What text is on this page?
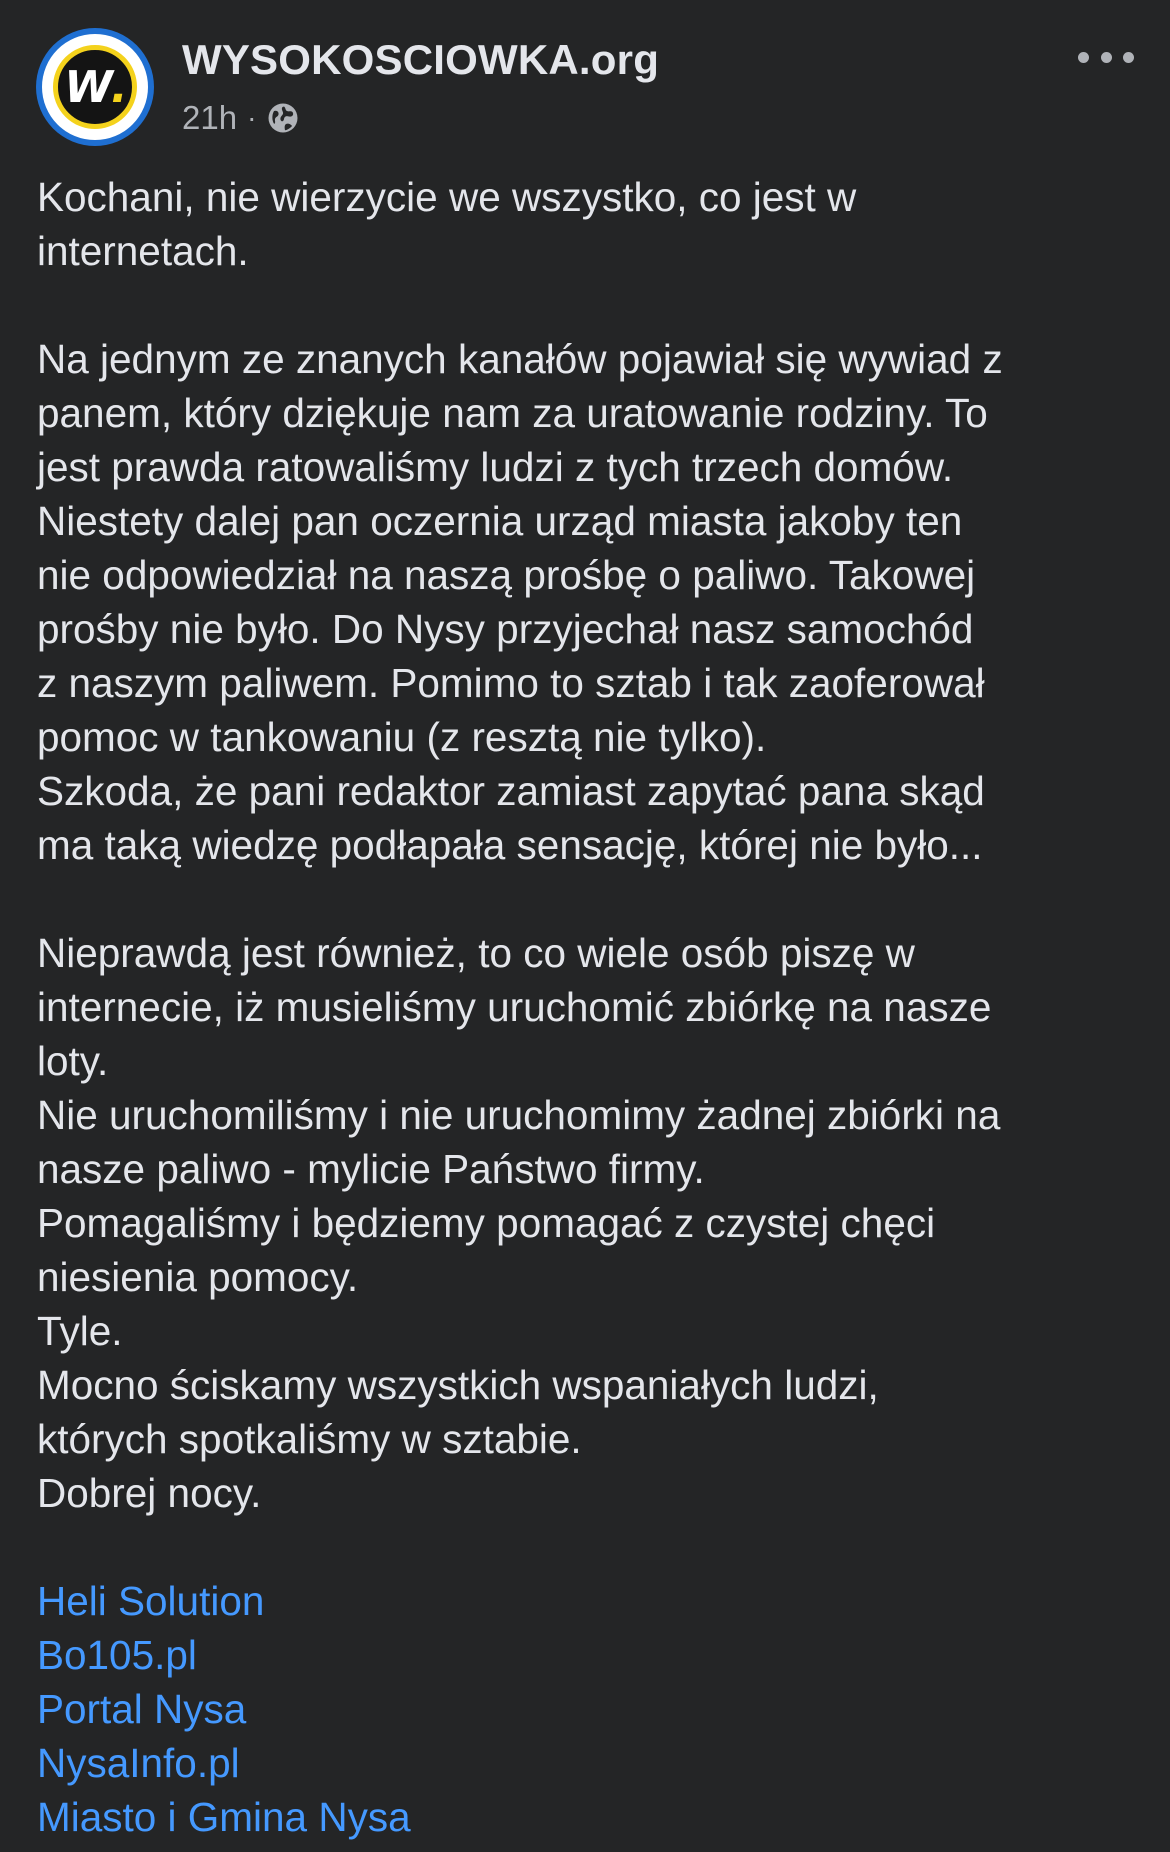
W .
WYSOKOSCIOWKA.org
21h ·

Kochani, nie wierzycie we wszystko, co jest w

internetach.

Na jednym ze znanych kanałów pojawiał się wywiad z

panem, który dziękuje nam za uratowanie rodziny. To

jest prawda ratowaliśmy ludzi z tych trzech domów.

Niestety dalej pan oczernia urząd miasta jakoby ten

nie odpowiedział na naszą prośbę o paliwo. Takowej

prośby nie było. Do Nysy przyjechał nasz samochód

z naszym paliwem. Pomimo to sztab i tak zaoferował

pomoc w tankowaniu (z resztą nie tylko).

Szkoda, że pani redaktor zamiast zapytać pana skąd

ma taką wiedzę podłapała sensację, której nie było...

Nieprawdą jest również, to co wiele osób piszę w

internecie, iż musieliśmy uruchomić zbiórkę na nasze

loty.

Nie uruchomiliśmy i nie uruchomimy żadnej zbiórki na

nasze paliwo - mylicie Państwo firmy.

Pomagaliśmy i będziemy pomagać z czystej chęci

niesienia pomocy.

Tyle.

Mocno ściskamy wszystkich wspaniałych ludzi,

których spotkaliśmy w sztabie.

Dobrej nocy.

Heli Solution
Bo105.pl
Portal Nysa
NysaInfo.pl
Miasto i Gmina Nysa
